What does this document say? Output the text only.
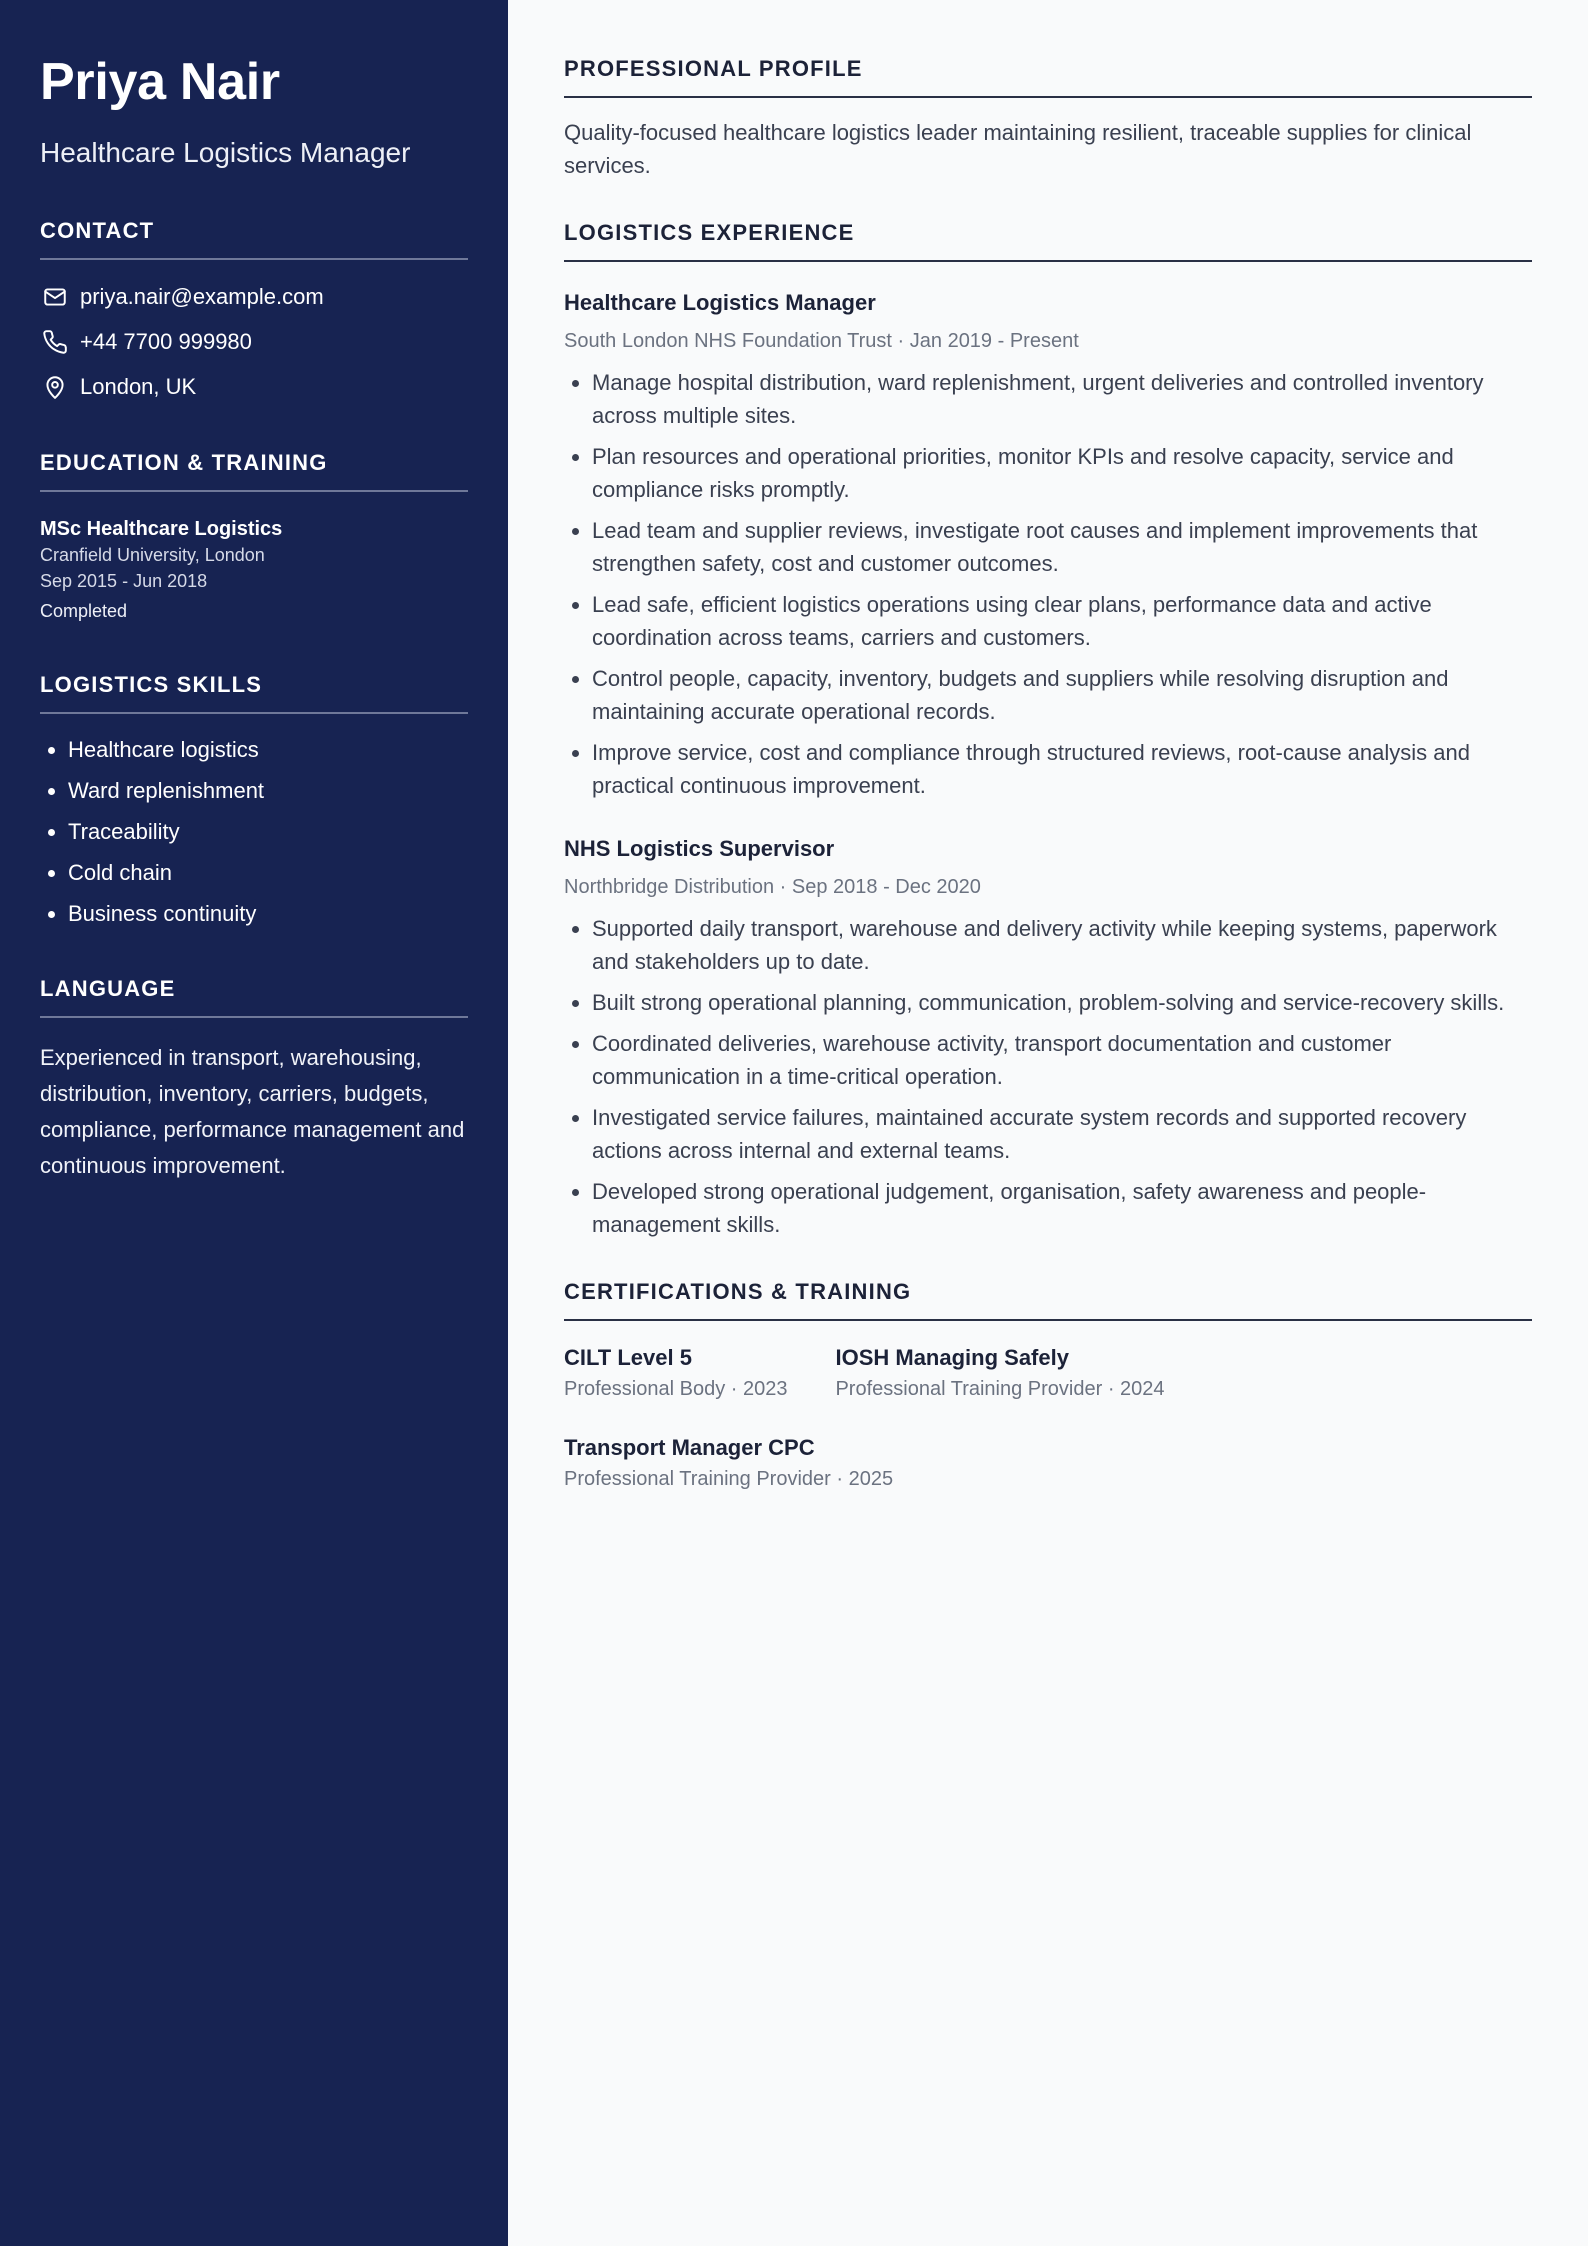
Priya Nair
Healthcare Logistics Manager
CONTACT
priya.nair@example.com
+44 7700 999980
London, UK
EDUCATION & TRAINING
MSc Healthcare Logistics
Cranfield University, London
Sep 2015 - Jun 2018
Completed
LOGISTICS SKILLS
• Healthcare logistics
• Ward replenishment
• Traceability
• Cold chain
• Business continuity
LANGUAGE

Experienced in transport, warehousing, distribution, inventory, carriers, budgets, compliance, performance management and continuous improvement.

PROFESSIONAL PROFILE

Quality-focused healthcare logistics leader maintaining resilient, traceable supplies for clinical services.

LOGISTICS EXPERIENCE
Healthcare Logistics Manager
South London NHS Foundation Trust · Jan 2019 - Present
• Manage hospital distribution, ward replenishment, urgent deliveries and controlled inventory across multiple sites.
• Plan resources and operational priorities, monitor KPIs and resolve capacity, service and compliance risks promptly.
• Lead team and supplier reviews, investigate root causes and implement improvements that strengthen safety, cost and customer outcomes.
• Lead safe, efficient logistics operations using clear plans, performance data and active coordination across teams, carriers and customers.
• Control people, capacity, inventory, budgets and suppliers while resolving disruption and maintaining accurate operational records.
• Improve service, cost and compliance through structured reviews, root-cause analysis and practical continuous improvement.
NHS Logistics Supervisor
Northbridge Distribution · Sep 2018 - Dec 2020
• Supported daily transport, warehouse and delivery activity while keeping systems, paperwork and stakeholders up to date.
• Built strong operational planning, communication, problem-solving and service-recovery skills.
• Coordinated deliveries, warehouse activity, transport documentation and customer communication in a time-critical operation.
• Investigated service failures, maintained accurate system records and supported recovery actions across internal and external teams.
• Developed strong operational judgement, organisation, safety awareness and people-management skills.
CERTIFICATIONS & TRAINING
CILT Level 5
Professional Body · 2023
IOSH Managing Safely
Professional Training Provider · 2024
Transport Manager CPC
Professional Training Provider · 2025
